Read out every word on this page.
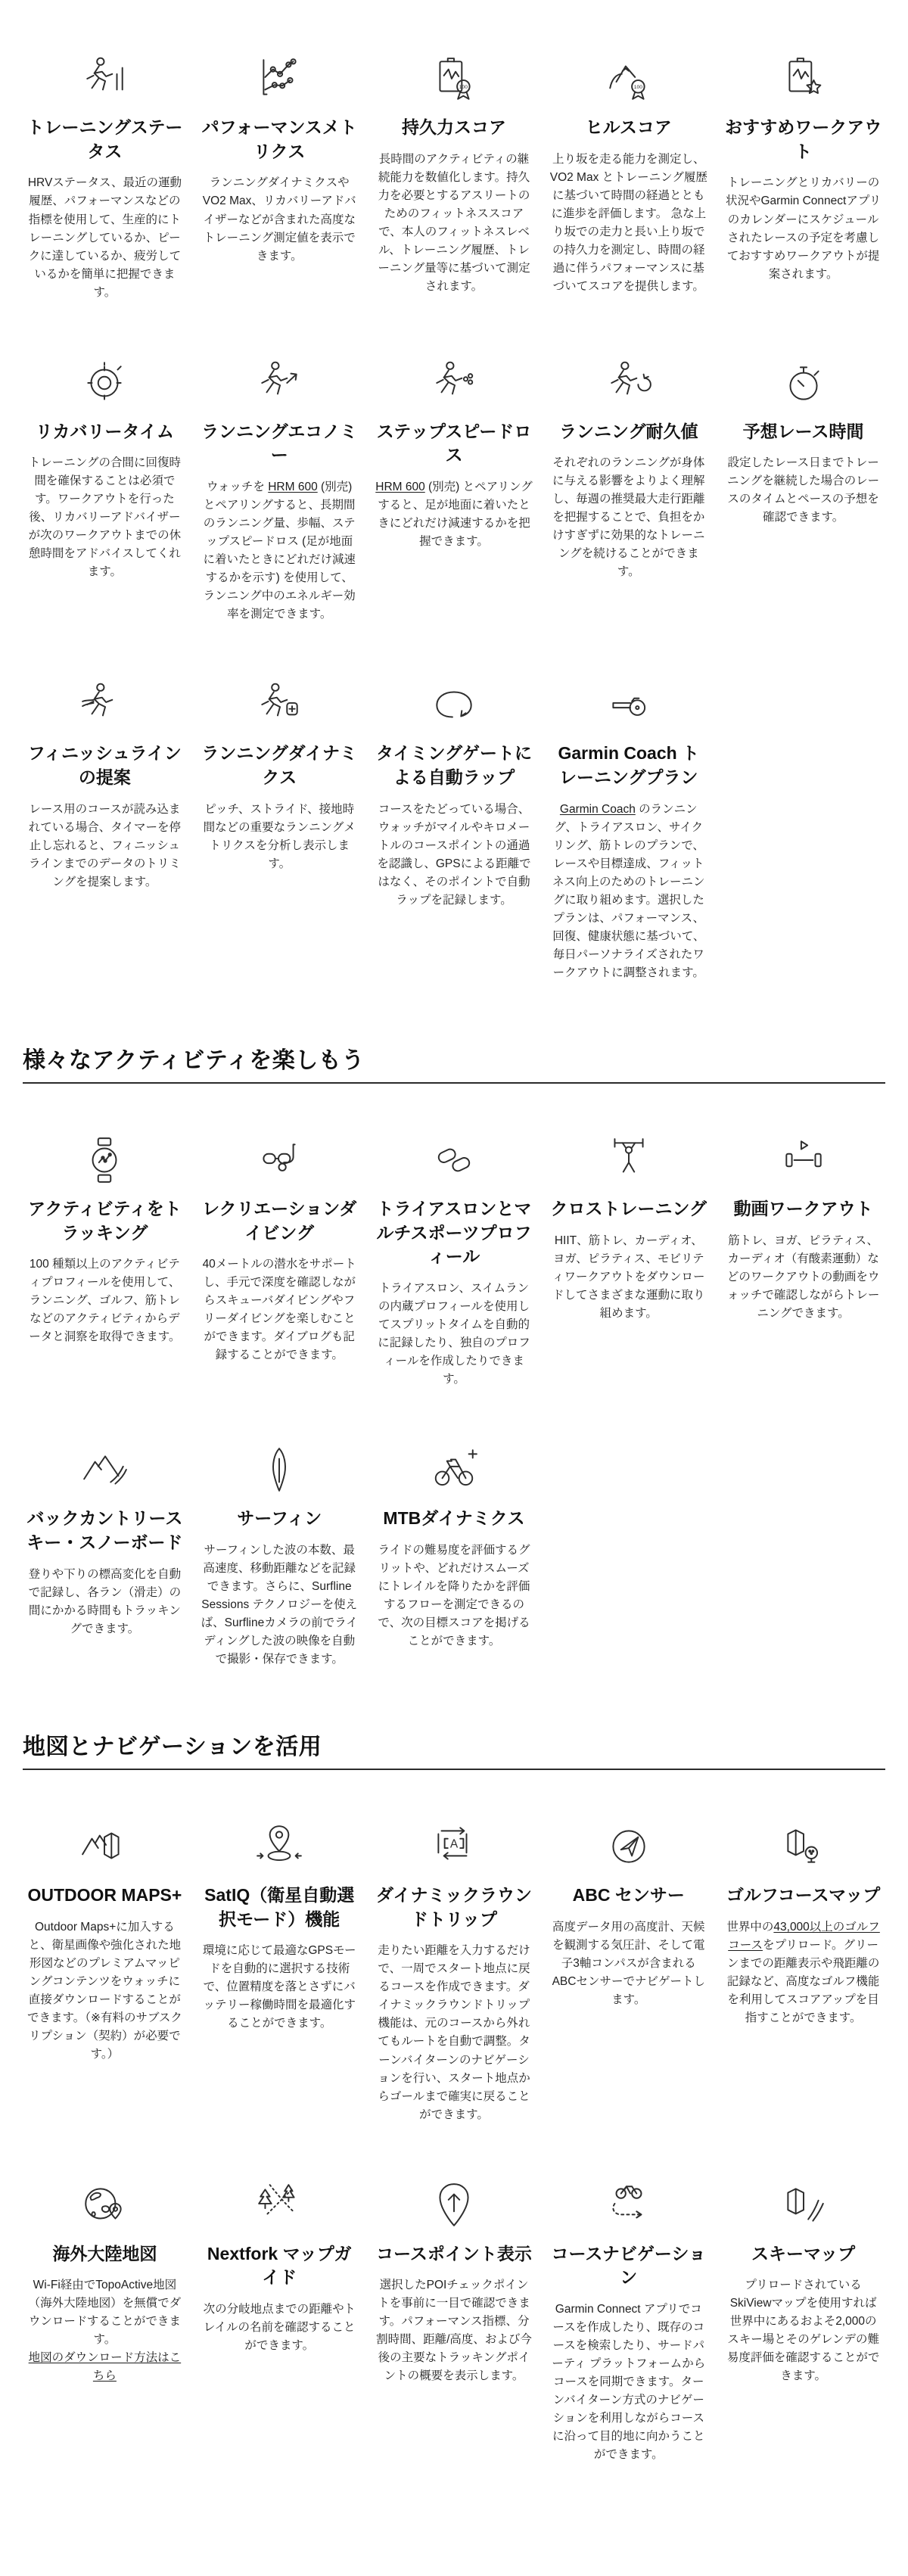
トレーニングステータス

HRVステータス、最近の運動履歴、パフォーマンスなどの指標を使用して、生産的にトレーニングしているか、ピークに達しているか、疲労しているかを簡単に把握できます。

パフォーマンスメトリクス

ランニングダイナミクスやVO2 Max、リカバリーアドバイザーなどが含まれた高度なトレーニング測定値を表示できます。

100
持久力スコア

長時間のアクティビティの継続能力を数値化します。持久力を必要とするアスリートのためのフィットネススコアで、本人のフィットネスレベル、トレーニング履歴、トレーニング量等に基づいて測定されます。

100
ヒルスコア

上り坂を走る能力を測定し、VO2 Max とトレーニング履歴に基づいて時間の経過とともに進歩を評価します。 急な上り坂での走力と長い上り坂での持久力を測定し、時間の経過に伴うパフォーマンスに基づいてスコアを提供します。

おすすめワークアウト

トレーニングとリカバリーの状況やGarmin Connectアプリのカレンダーにスケジュールされたレースの予定を考慮しておすすめワークアウトが提案されます。

リカバリータイム

トレーニングの合間に回復時間を確保することは必須です。ワークアウトを行った後、リカバリーアドバイザーが次のワークアウトまでの休憩時間をアドバイスしてくれます。

ランニングエコノミー

ウォッチを HRM 600 (別売) とペアリングすると、長期間のランニング量、歩幅、ステップスピードロス (足が地面に着いたときにどれだけ減速するかを示す) を使用して、ランニング中のエネルギー効率を測定できます。

ステップスピードロス

HRM 600 (別売) とペアリングすると、足が地面に着いたときにどれだけ減速するかを把握できます。

ランニング耐久値

それぞれのランニングが身体に与える影響をよりよく理解し、毎週の推奨最大走行距離を把握することで、負担をかけすぎずに効果的なトレーニングを続けることができます。

予想レース時間

設定したレース日までトレーニングを継続した場合のレースのタイムとペースの予想を確認できます。

フィニッシュラインの提案

レース用のコースが読み込まれている場合、タイマーを停止し忘れると、フィニッシュラインまでのデータのトリミングを提案します。

ランニングダイナミクス

ピッチ、ストライド、接地時間などの重要なランニングメトリクスを分析し表示します。

タイミングゲートによる自動ラップ

コースをたどっている場合、ウォッチがマイルやキロメートルのコースポイントの通過を認識し、GPSによる距離ではなく、そのポイントで自動ラップを記録します。

Garmin Coach トレーニングプラン

Garmin Coach のランニング、トライアスロン、サイクリング、筋トレのプランで、レースや目標達成、フィットネス向上のためのトレーニングに取り組めます。選択したプランは、パフォーマンス、回復、健康状態に基づいて、毎日パーソナライズされたワークアウトに調整されます。

様々なアクティビティを楽しもう
アクティビティをトラッキング

100 種類以上のアクティビティプロフィールを使用して、ランニング、ゴルフ、筋トレなどのアクティビティからデータと洞察を取得できます。

レクリエーションダイビング

40メートルの潜水をサポートし、手元で深度を確認しながらスキューバダイビングやフリーダイビングを楽しむことができます。ダイブログも記録することができます。

トライアスロンとマルチスポーツプロフィール

トライアスロン、スイムランの内蔵プロフィールを使用してスプリットタイムを自動的に記録したり、独自のプロフィールを作成したりできます。

クロストレーニング

HIIT、筋トレ、カーディオ、ヨガ、ピラティス、モビリティワークアウトをダウンロードしてさまざまな運動に取り組めます。

動画ワークアウト

筋トレ、ヨガ、ピラティス、カーディオ（有酸素運動）などのワークアウトの動画をウォッチで確認しながらトレーニングできます。

バックカントリースキー・スノーボード

登りや下りの標高変化を自動で記録し、各ラン（滑走）の間にかかる時間もトラッキングできます。

サーフィン

サーフィンした波の本数、最高速度、移動距離などを記録できます。さらに、Surfline Sessions テクノロジーを使えば、Surflineカメラの前でライディングした波の映像を自動で撮影・保存できます。

MTBダイナミクス

ライドの難易度を評価するグリットや、どれだけスムーズにトレイルを降りたかを評価するフローを測定できるので、次の目標スコアを掲げることができます。

地図とナビゲーションを活用
OUTDOOR MAPS+

Outdoor Maps+に加入すると、衛星画像や強化された地形図などのプレミアムマッピングコンテンツをウォッチに直接ダウンロードすることができます。（※有料のサブスクリプション（契約）が必要です。）

SatIQ（衛星自動選択モード）機能

環境に応じて最適なGPSモードを自動的に選択する技術で、位置精度を落とさずにバッテリー稼働時間を最適化することができます。

A
ダイナミックラウンドトリップ

走りたい距離を入力するだけで、一周でスタート地点に戻るコースを作成できます。ダイナミックラウンドトリップ機能は、元のコースから外れてもルートを自動で調整。ターンバイターンのナビゲーションを行い、スタート地点からゴールまで確実に戻ることができます。

ABC センサー

高度データ用の高度計、天候を観測する気圧計、そして電子3軸コンパスが含まれるABCセンサーでナビゲートします。

ゴルフコースマップ

世界中の43,000以上のゴルフコースをプリロード。グリーンまでの距離表示や飛距離の記録など、高度なゴルフ機能を利用してスコアアップを目指すことができます。

海外大陸地図

Wi-Fi経由でTopoActive地図（海外大陸地図）を無償でダウンロードすることができます。
地図のダウンロード方法はこちら

Nextfork マップガイド

次の分岐地点までの距離やトレイルの名前を確認することができます。

コースポイント表示

選択したPOIチェックポイントを事前に一目で確認できます。パフォーマンス指標、分割時間、距離/高度、および今後の主要なトラッキングポイントの概要を表示します。

コースナビゲーション

Garmin Connect アプリでコースを作成したり、既存のコースを検索したり、サードパーティ プラットフォームからコースを同期できます。ターンバイターン方式のナビゲーションを利用しながらコースに沿って目的地に向かうことができます。

スキーマップ

プリロードされているSkiViewマップを使用すれば世界中にあるおよそ2,000のスキー場とそのゲレンデの難易度評価を確認することができます。
